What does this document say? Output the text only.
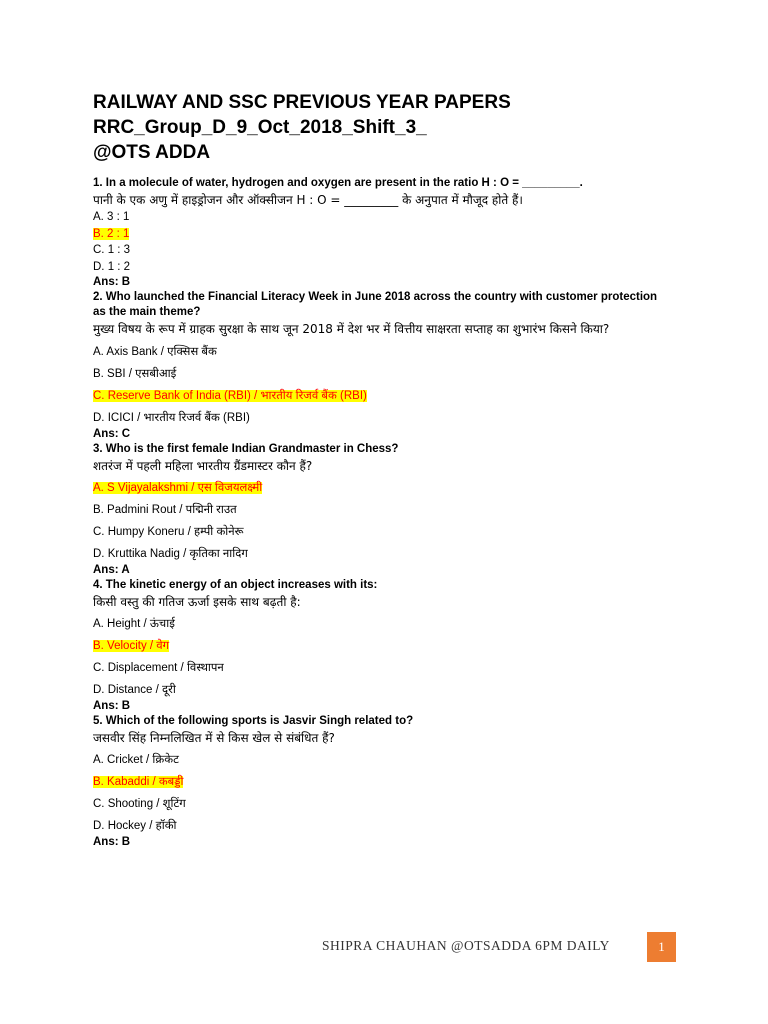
RAILWAY AND SSC PREVIOUS YEAR PAPERS
RRC_Group_D_9_Oct_2018_Shift_3_
@OTS ADDA
1. In a molecule of water, hydrogen and oxygen are present in the ratio H : O = _________.
पानी के एक अणु में हाइड्रोजन और ऑक्सीजन H : O = _________ के अनुपात में मौजूद होते हैं।
A. 3 : 1
B. 2 : 1
C. 1 : 3
D. 1 : 2
Ans: B
2. Who launched the Financial Literacy Week in June 2018 across the country with customer protection as the main theme?
मुख्य विषय के रूप में ग्राहक सुरक्षा के साथ जून 2018 में देश भर में वित्तीय साक्षरता सप्ताह का शुभारंभ किसने किया?
A. Axis Bank / एक्सिस बैंक
B. SBI / एसबीआई
C. Reserve Bank of India (RBI) / भारतीय रिजर्व बैंक (RBI)
D. ICICI / भारतीय रिजर्व बैंक (RBI)
Ans: C
3. Who is the first female Indian Grandmaster in Chess?
शतरंज में पहली महिला भारतीय ग्रैंडमास्टर कौन हैं?
A. S Vijayalakshmi / एस विजयलक्ष्मी
B. Padmini Rout / पद्मिनी राउत
C. Humpy Koneru / हम्पी कोनेरू
D. Kruttika Nadig / कृतिका नादिग
Ans: A
4. The kinetic energy of an object increases with its:
किसी वस्तु की गतिज ऊर्जा इसके साथ बढ़ती है:
A. Height / ऊंचाई
B. Velocity / वेग
C. Displacement / विस्थापन
D. Distance / दूरी
Ans: B
5. Which of the following sports is Jasvir Singh related to?
जसवीर सिंह निम्नलिखित में से किस खेल से संबंधित हैं?
A. Cricket / क्रिकेट
B. Kabaddi / कबड्डी
C. Shooting / शूटिंग
D. Hockey / हॉकी
Ans: B
SHIPRA CHAUHAN @OTSADDA 6PM DAILY	1
